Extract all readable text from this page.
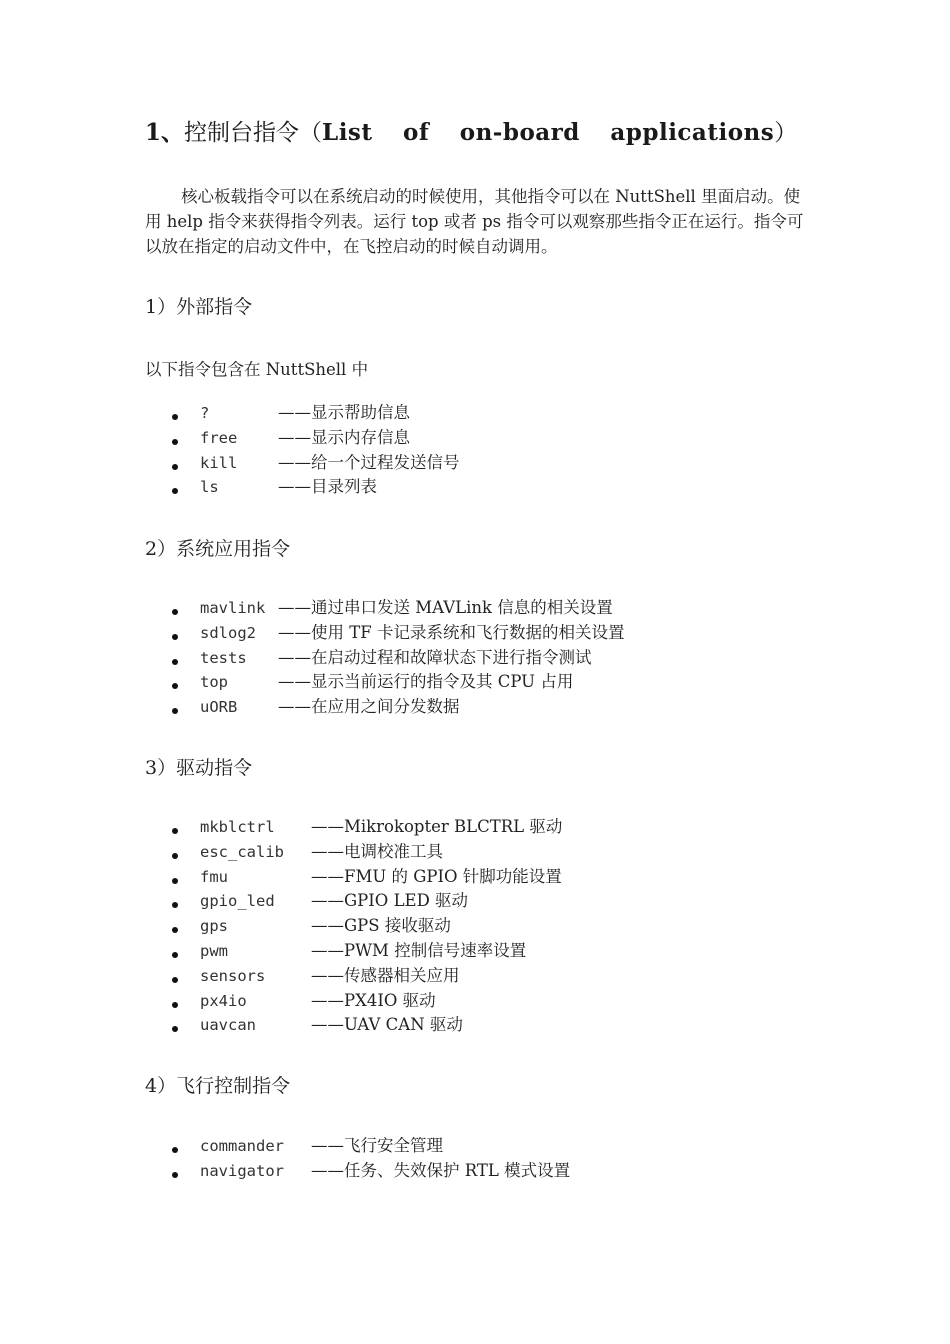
1、控制台指令（List of on-board applications）

核心板载指令可以在系统启动的时候使用，其他指令可以在 NuttShell 里面启动。使用 help 指令来获得指令列表。运行 top 或者 ps 指令可以观察那些指令正在运行。指令可以放在指定的启动文件中，在飞控启动的时候自动调用。

1）外部指令
以下指令包含在 NuttShell 中
?	——显示帮助信息
free ——显示内存信息
kill ——给一个过程发送信号
ls	——目录列表
2）系统应用指令
mavlink ——通过串口发送 MAVLink 信息的相关设置
sdlog2 ——使用 TF 卡记录系统和飞行数据的相关设置
tests ——在启动过程和故障状态下进行指令测试
top	——显示当前运行的指令及其 CPU 占用
uORB ——在应用之间分发数据
3）驱动指令
mkblctrl ——Mikrokopter BLCTRL 驱动
esc_calib ——电调校准工具
fmu	——FMU 的 GPIO 针脚功能设置
gpio_led ——GPIO LED 驱动
gps	——GPS 接收驱动
pwm	——PWM 控制信号速率设置
sensors	——传感器相关应用
px4io	——PX4IO 驱动
uavcan	——UAV CAN 驱动
4）飞行控制指令
commander ——飞行安全管理
navigator ——任务、失效保护 RTL 模式设置
